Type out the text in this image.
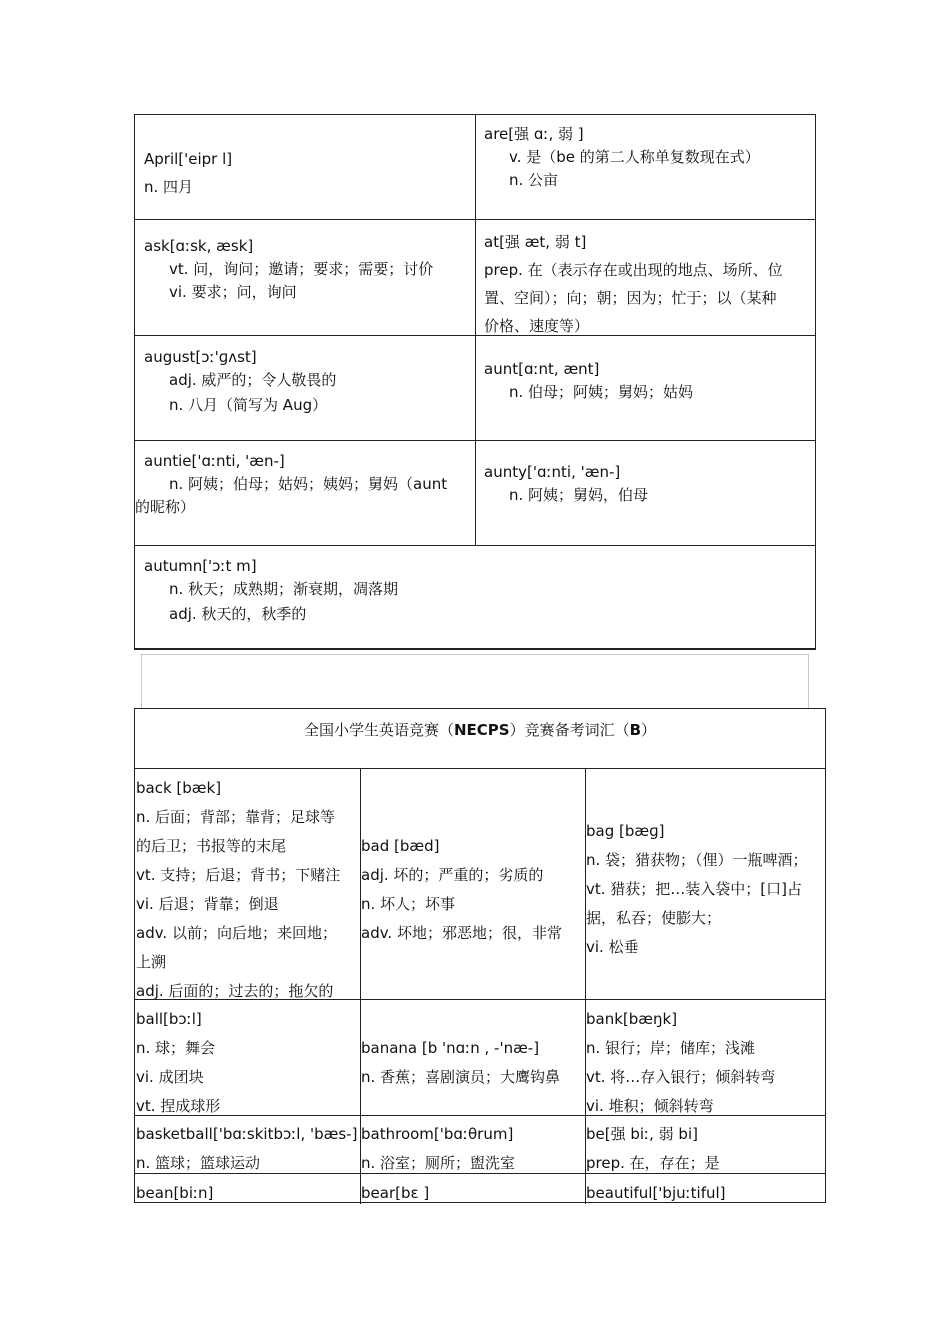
April['eipr l]
n. 四月
are[强 ɑː, 弱 ]
v. 是（be 的第二人称单复数现在式）
n. 公亩
ask[ɑːsk, æsk]
vt. 问，询问；邀请；要求；需要；讨价
vi. 要求；问，询问
at[强 æt, 弱 t]
prep. 在（表示存在或出现的地点、场所、位
置、空间）；向；朝；因为；忙于；以（某种
价格、速度等）
august[ɔː'ɡʌst]
adj. 威严的；令人敬畏的
n. 八月（简写为 Aug）
aunt[ɑːnt, ænt]
n. 伯母；阿姨；舅妈；姑妈
auntie['ɑːnti, 'æn-]
n. 阿姨；伯母；姑妈；姨妈；舅妈（aunt
的昵称）
aunty['ɑːnti, 'æn-]
n. 阿姨；舅妈，伯母
autumn['ɔːt m]
n. 秋天；成熟期；渐衰期，凋落期
adj. 秋天的，秋季的
全国小学生英语竞赛（NECPS）竞赛备考词汇（B）
back [bæk]
n. 后面；背部；靠背；足球等
的后卫；书报等的末尾
vt. 支持；后退；背书；下赌注
vi. 后退；背靠；倒退
adv. 以前；向后地；来回地；
上溯
adj. 后面的；过去的；拖欠的
bad [bæd]
adj. 坏的；严重的；劣质的
n. 坏人；坏事
adv. 坏地；邪恶地；很，非常
bag [bæɡ]
n. 袋；猎获物；（俚）一瓶啤酒；
vt. 猎获；把…装入袋中；[口]占
据，私吞；使膨大；
vi. 松垂
ball[bɔːl]
n. 球；舞会
vi. 成团块
vt. 捏成球形
banana [b 'nɑːn , -'næ-]
n. 香蕉；喜剧演员；大鹰钩鼻
bank[bæŋk]
n. 银行；岸；储库；浅滩
vt. 将…存入银行；倾斜转弯
vi. 堆积；倾斜转弯
basketball['bɑːskitbɔːl, 'bæs-]
n. 篮球；篮球运动
bathroom['bɑːθrum]
n. 浴室；厕所；盥洗室
be[强 biː, 弱 bi]
prep. 在，存在；是
bean[biːn]	bear[bɛ ]	beautiful['bjuːtiful]
